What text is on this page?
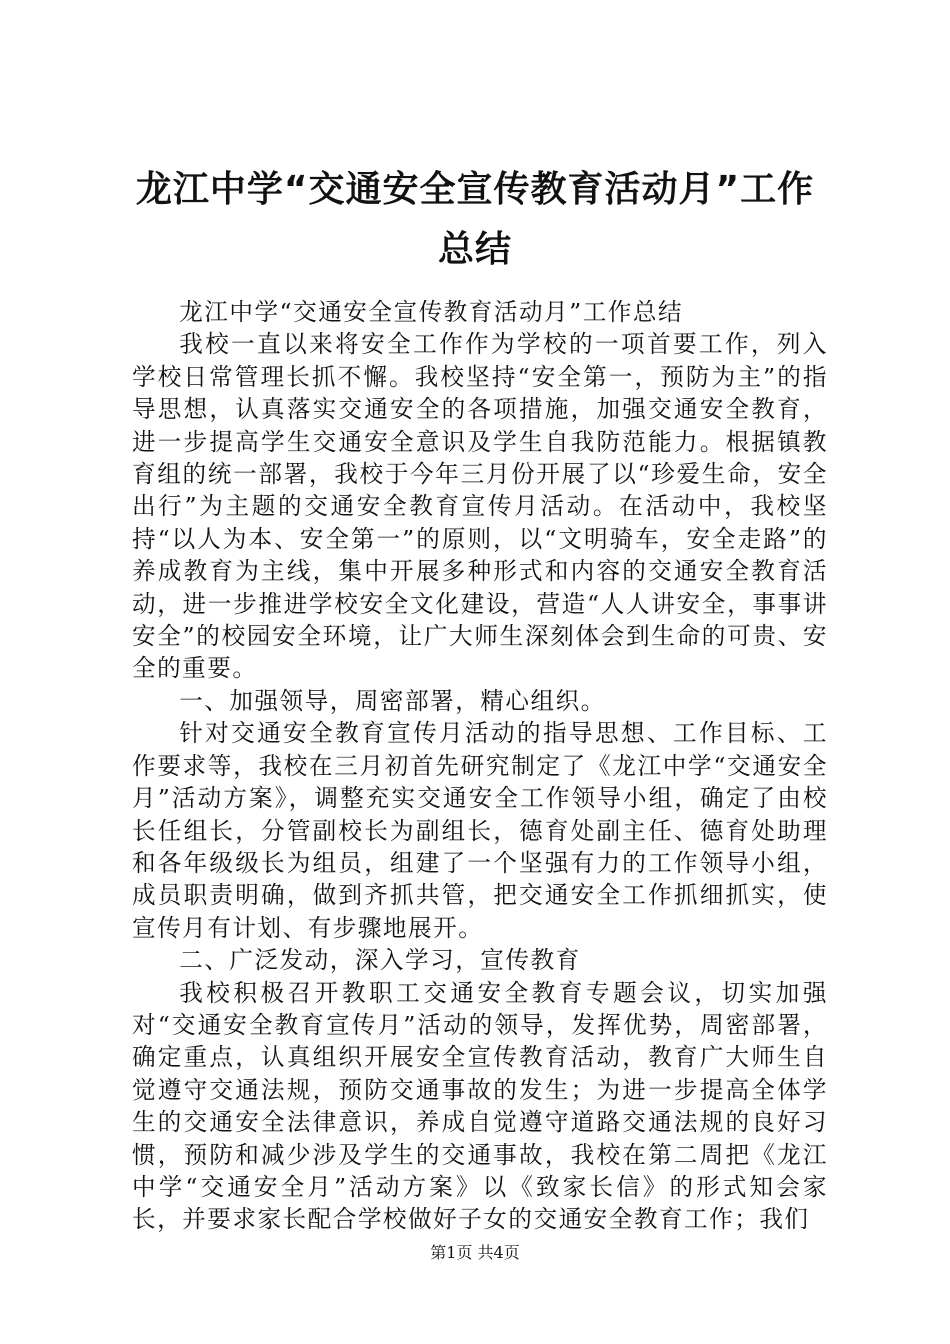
龙江中学“交通安全宣传教育活动月”工作总结

龙江中学“交通安全宣传教育活动月”工作总结

我校一直以来将安全工作作为学校的一项首要工作，列入学校日常管理长抓不懈。我校坚持“安全第一，预防为主”的指导思想，认真落实交通安全的各项措施，加强交通安全教育，进一步提高学生交通安全意识及学生自我防范能力。根据镇教育组的统一部署，我校于今年三月份开展了以“珍爱生命，安全出行”为主题的交通安全教育宣传月活动。在活动中，我校坚持“以人为本、安全第一”的原则，以“文明骑车，安全走路”的养成教育为主线，集中开展多种形式和内容的交通安全教育活动，进一步推进学校安全文化建设，营造“人人讲安全，事事讲安全”的校园安全环境，让广大师生深刻体会到生命的可贵、安全的重要。

一、加强领导，周密部署，精心组织。

针对交通安全教育宣传月活动的指导思想、工作目标、工作要求等，我校在三月初首先研究制定了《龙江中学“交通安全月”活动方案》，调整充实交通安全工作领导小组，确定了由校长任组长，分管副校长为副组长，德育处副主任、德育处助理和各年级级长为组员，组建了一个坚强有力的工作领导小组，成员职责明确，做到齐抓共管，把交通安全工作抓细抓实，使宣传月有计划、有步骤地展开。

二、广泛发动，深入学习，宣传教育

我校积极召开教职工交通安全教育专题会议，切实加强对“交通安全教育宣传月”活动的领导，发挥优势，周密部署，确定重点，认真组织开展安全宣传教育活动，教育广大师生自觉遵守交通法规，预防交通事故的发生；为进一步提高全体学生的交通安全法律意识，养成自觉遵守道路交通法规的良好习惯，预防和减少涉及学生的交通事故，我校在第二周把《龙江中学“交通安全月”活动方案》以《致家长信》的形式知会家长，并要求家长配合学校做好子女的交通安全教育工作；我们

第1页 共4页
